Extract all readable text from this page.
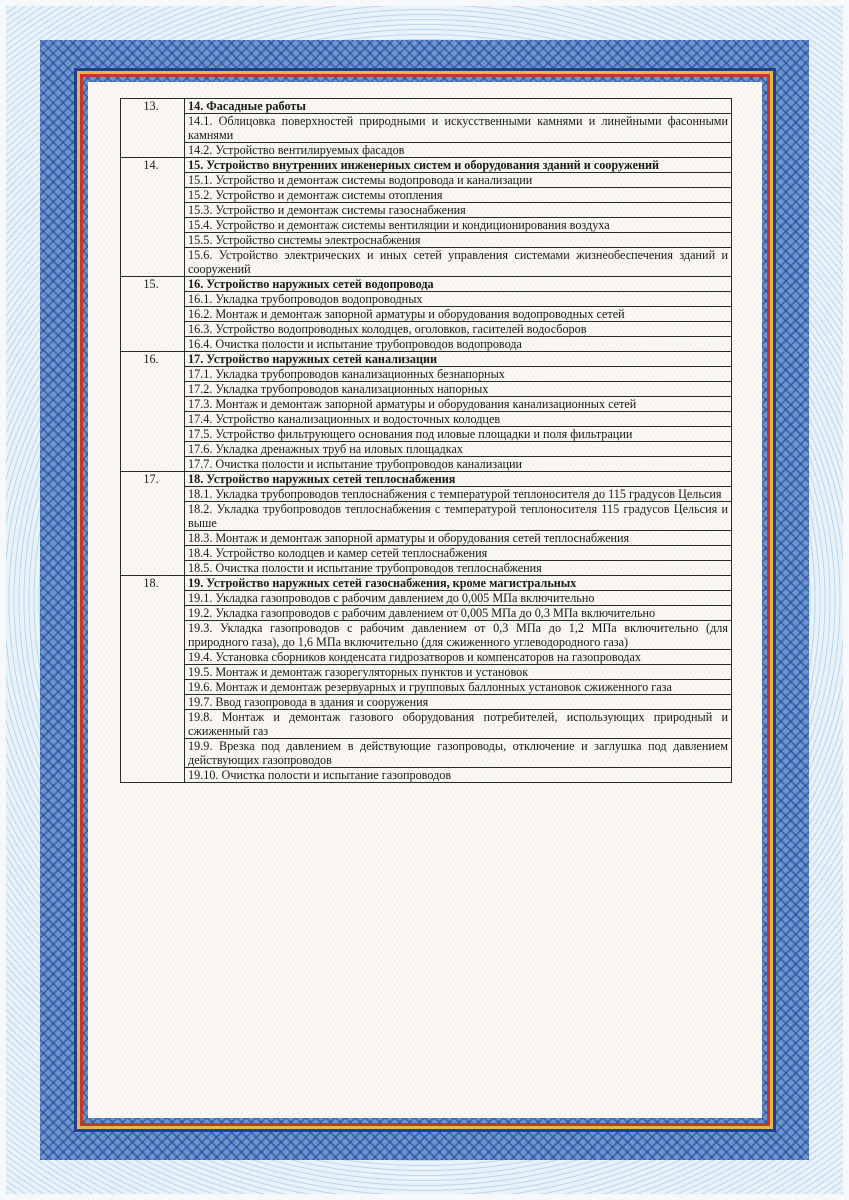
13.	14. Фасадные работы
	14.1. Облицовка поверхностей природными и искусственными камнями и линейными фасонными камнями
	14.2. Устройство вентилируемых фасадов
14.	15. Устройство внутренних инженерных систем и оборудования зданий и сооружений
	15.1. Устройство и демонтаж системы водопровода и канализации
	15.2. Устройство и демонтаж системы отопления
	15.3. Устройство и демонтаж системы газоснабжения
	15.4. Устройство и демонтаж системы вентиляции и кондиционирования воздуха
	15.5. Устройство системы электроснабжения
	15.6. Устройство электрических и иных сетей управления системами жизнеобеспечения зданий и сооружений
15.	16. Устройство наружных сетей водопровода
	16.1. Укладка трубопроводов водопроводных
	16.2. Монтаж и демонтаж запорной арматуры и оборудования водопроводных сетей
	16.3. Устройство водопроводных колодцев, оголовков, гасителей водосборов
	16.4. Очистка полости и испытание трубопроводов водопровода
16.	17. Устройство наружных сетей канализации
	17.1. Укладка трубопроводов канализационных безнапорных
	17.2. Укладка трубопроводов канализационных напорных
	17.3. Монтаж и демонтаж запорной арматуры и оборудования канализационных сетей
	17.4. Устройство канализационных и водосточных колодцев
	17.5. Устройство фильтрующего основания под иловые площадки и поля фильтрации
	17.6. Укладка дренажных труб на иловых площадках
	17.7. Очистка полости и испытание трубопроводов канализации
17.	18. Устройство наружных сетей теплоснабжения
	18.1. Укладка трубопроводов теплоснабжения с температурой теплоносителя до 115 градусов Цельсия
	18.2. Укладка трубопроводов теплоснабжения с температурой теплоносителя 115 градусов Цельсия и выше
	18.3. Монтаж и демонтаж запорной арматуры и оборудования сетей теплоснабжения
	18.4. Устройство колодцев и камер сетей теплоснабжения
	18.5. Очистка полости и испытание трубопроводов теплоснабжения
18.	19. Устройство наружных сетей газоснабжения, кроме магистральных
	19.1. Укладка газопроводов с рабочим давлением до 0,005 МПа включительно
	19.2. Укладка газопроводов с рабочим давлением от 0,005 МПа до 0,3 МПа включительно
	19.3. Укладка газопроводов с рабочим давлением от 0,3 МПа до 1,2 МПа включительно (для природного газа), до 1,6 МПа включительно (для сжиженного углеводородного газа)
	19.4. Установка сборников конденсата гидрозатворов и компенсаторов на газопроводах
	19.5. Монтаж и демонтаж газорегуляторных пунктов и установок
	19.6. Монтаж и демонтаж резервуарных и групповых баллонных установок сжиженного газа
	19.7. Ввод газопровода в здания и сооружения
	19.8. Монтаж и демонтаж газового оборудования потребителей, использующих природный и сжиженный газ
	19.9. Врезка под давлением в действующие газопроводы, отключение и заглушка под давлением действующих газопроводов
	19.10. Очистка полости и испытание газопроводов
